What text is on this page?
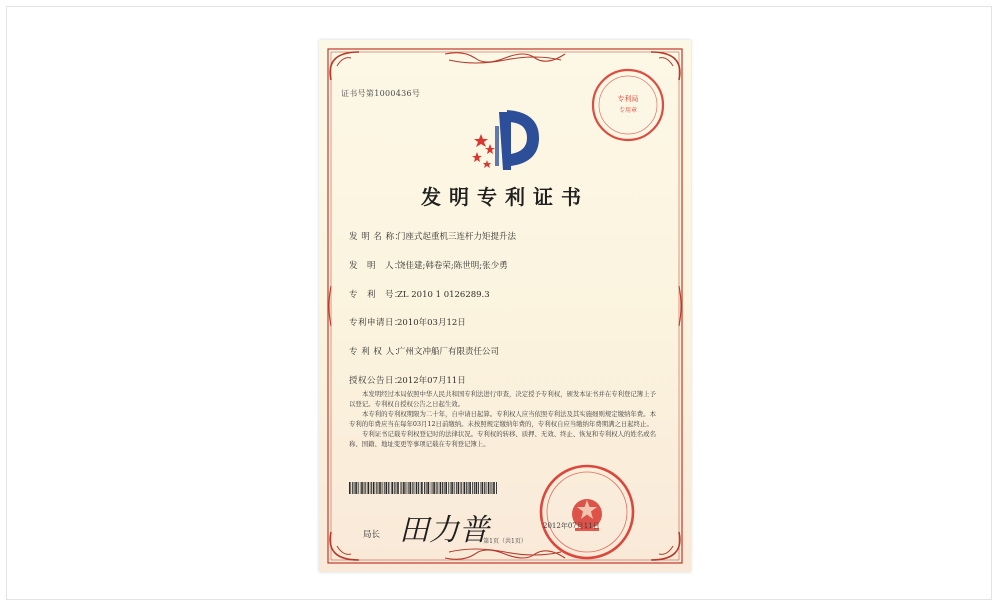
证书号第1000436号
专利局
专用章
发明专利证书
发 明 名 称：门座式起重机三连杆力矩提升法
发　明　人：饶佳建;韩卷荣;陈世明;张少勇
专　利　号：ZL 2010 1 0126289.3
专利申请日：2010年03月12日
专 利 权 人：广州文冲船厂有限责任公司
授权公告日：2012年07月11日

本发明经过本局依照中华人民共和国专利法进行审查，决定授予专利权，颁发本证书并在专利登记簿上予以登记。专利权自授权公告之日起生效。

本专利的专利权期限为二十年，自申请日起算。专利权人应当依照专利法及其实施细则规定缴纳年费。本专利的年费应当在每年03月12日前缴纳。未按照规定缴纳年费的，专利权自应当缴纳年费期满之日起终止。

专利证书记载专利权登记时的法律状况。专利权的转移、质押、无效、终止、恢复和专利权人的姓名或名称、国籍、地址变更等事项记载在专利登记簿上。

局长 田力普	2012年07月11日
第1页（共1页）
